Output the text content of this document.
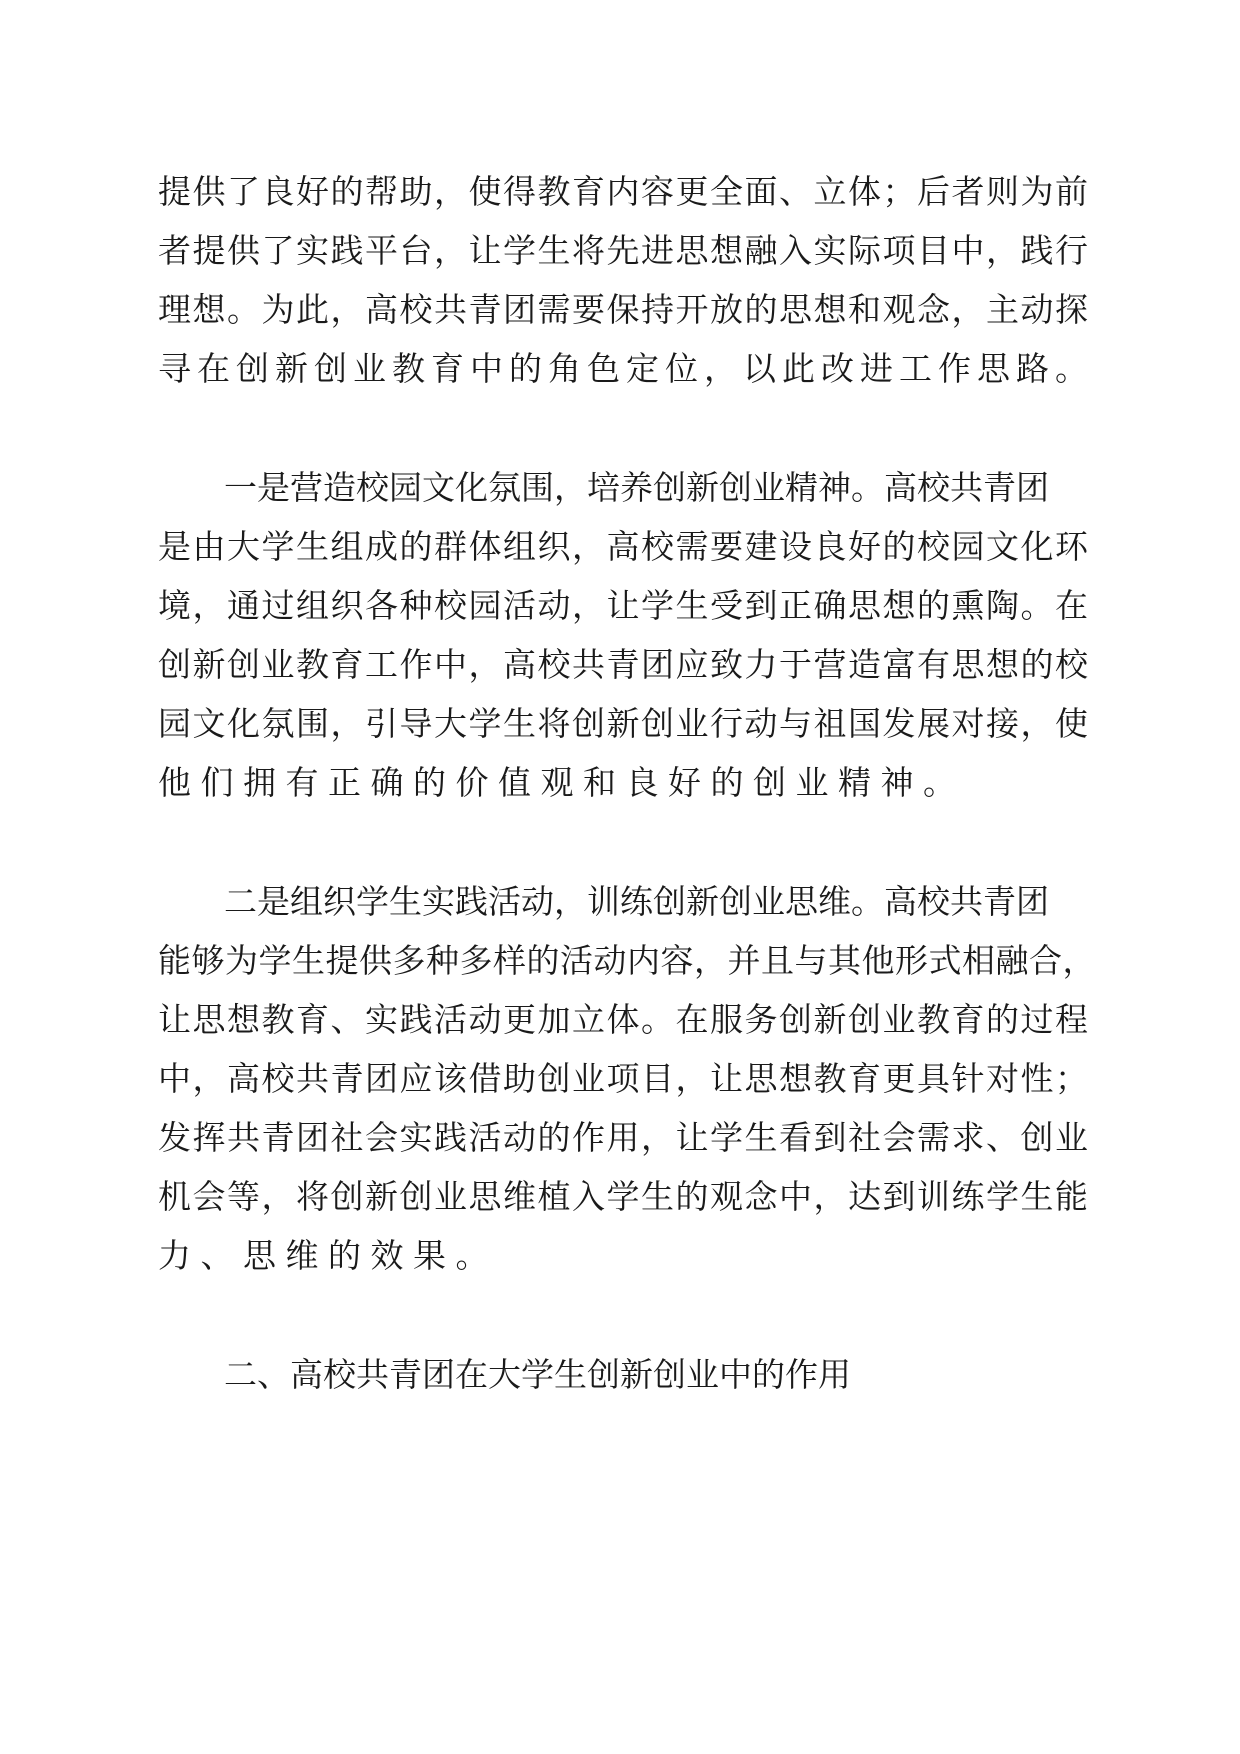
提供了良好的帮助，使得教育内容更全面、立体；后者则为前

者提供了实践平台，让学生将先进思想融入实际项目中，践行

理想。为此，高校共青团需要保持开放的思想和观念，主动探

寻在创新创业教育中的角色定位，以此改进工作思路。

一是营造校园文化氛围，培养创新创业精神。高校共青团

是由大学生组成的群体组织，高校需要建设良好的校园文化环

境，通过组织各种校园活动，让学生受到正确思想的熏陶。在

创新创业教育工作中，高校共青团应致力于营造富有思想的校

园文化氛围，引导大学生将创新创业行动与祖国发展对接，使

他们拥有正确的价值观和良好的创业精神。

二是组织学生实践活动，训练创新创业思维。高校共青团

能够为学生提供多种多样的活动内容，并且与其他形式相融合，

让思想教育、实践活动更加立体。在服务创新创业教育的过程

中，高校共青团应该借助创业项目，让思想教育更具针对性；

发挥共青团社会实践活动的作用，让学生看到社会需求、创业

机会等，将创新创业思维植入学生的观念中，达到训练学生能

力、思维的效果。

二、高校共青团在大学生创新创业中的作用
